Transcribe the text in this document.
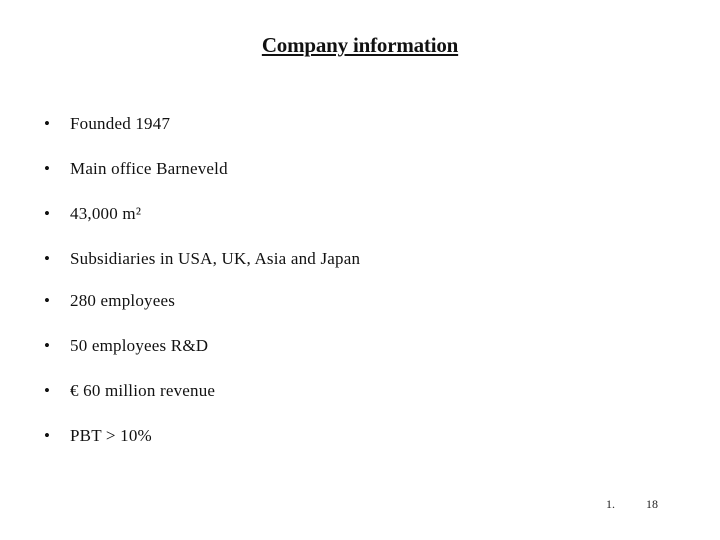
Company information
• Founded 1947
• Main office Barneveld
• 43,000 m²
• Subsidiaries in USA, UK, Asia and Japan
• 280 employees
• 50 employees R&D
• € 60 million revenue
• PBT > 10%
1.	18
